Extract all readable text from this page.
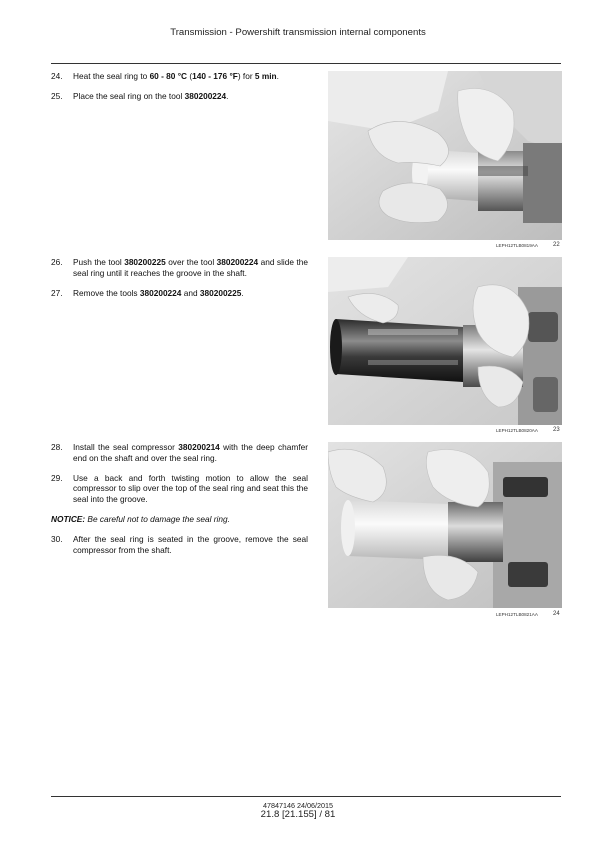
Transmission - Powershift transmission internal components
24. Heat the seal ring to 60 - 80 °C (140 - 176 °F) for 5 min.
25. Place the seal ring on the tool 380200224.
LEPH12TLB0819AA	22
26. Push the tool 380200225 over the tool 380200224 and slide the seal ring until it reaches the groove in the shaft.
27. Remove the tools 380200224 and 380200225.
LEPH12TLB0820AA	23
28. Install the seal compressor 380200214 with the deep chamfer end on the shaft and over the seal ring.
29. Use a back and forth twisting motion to allow the seal compressor to slip over the top of the seal ring and seat this the seal into the groove.
NOTICE: Be careful not to damage the seal ring.
30. After the seal ring is seated in the groove, remove the seal compressor from the shaft.
LEPH12TLB0821AA	24
47847146 24/06/2015
21.8 [21.155] / 81
